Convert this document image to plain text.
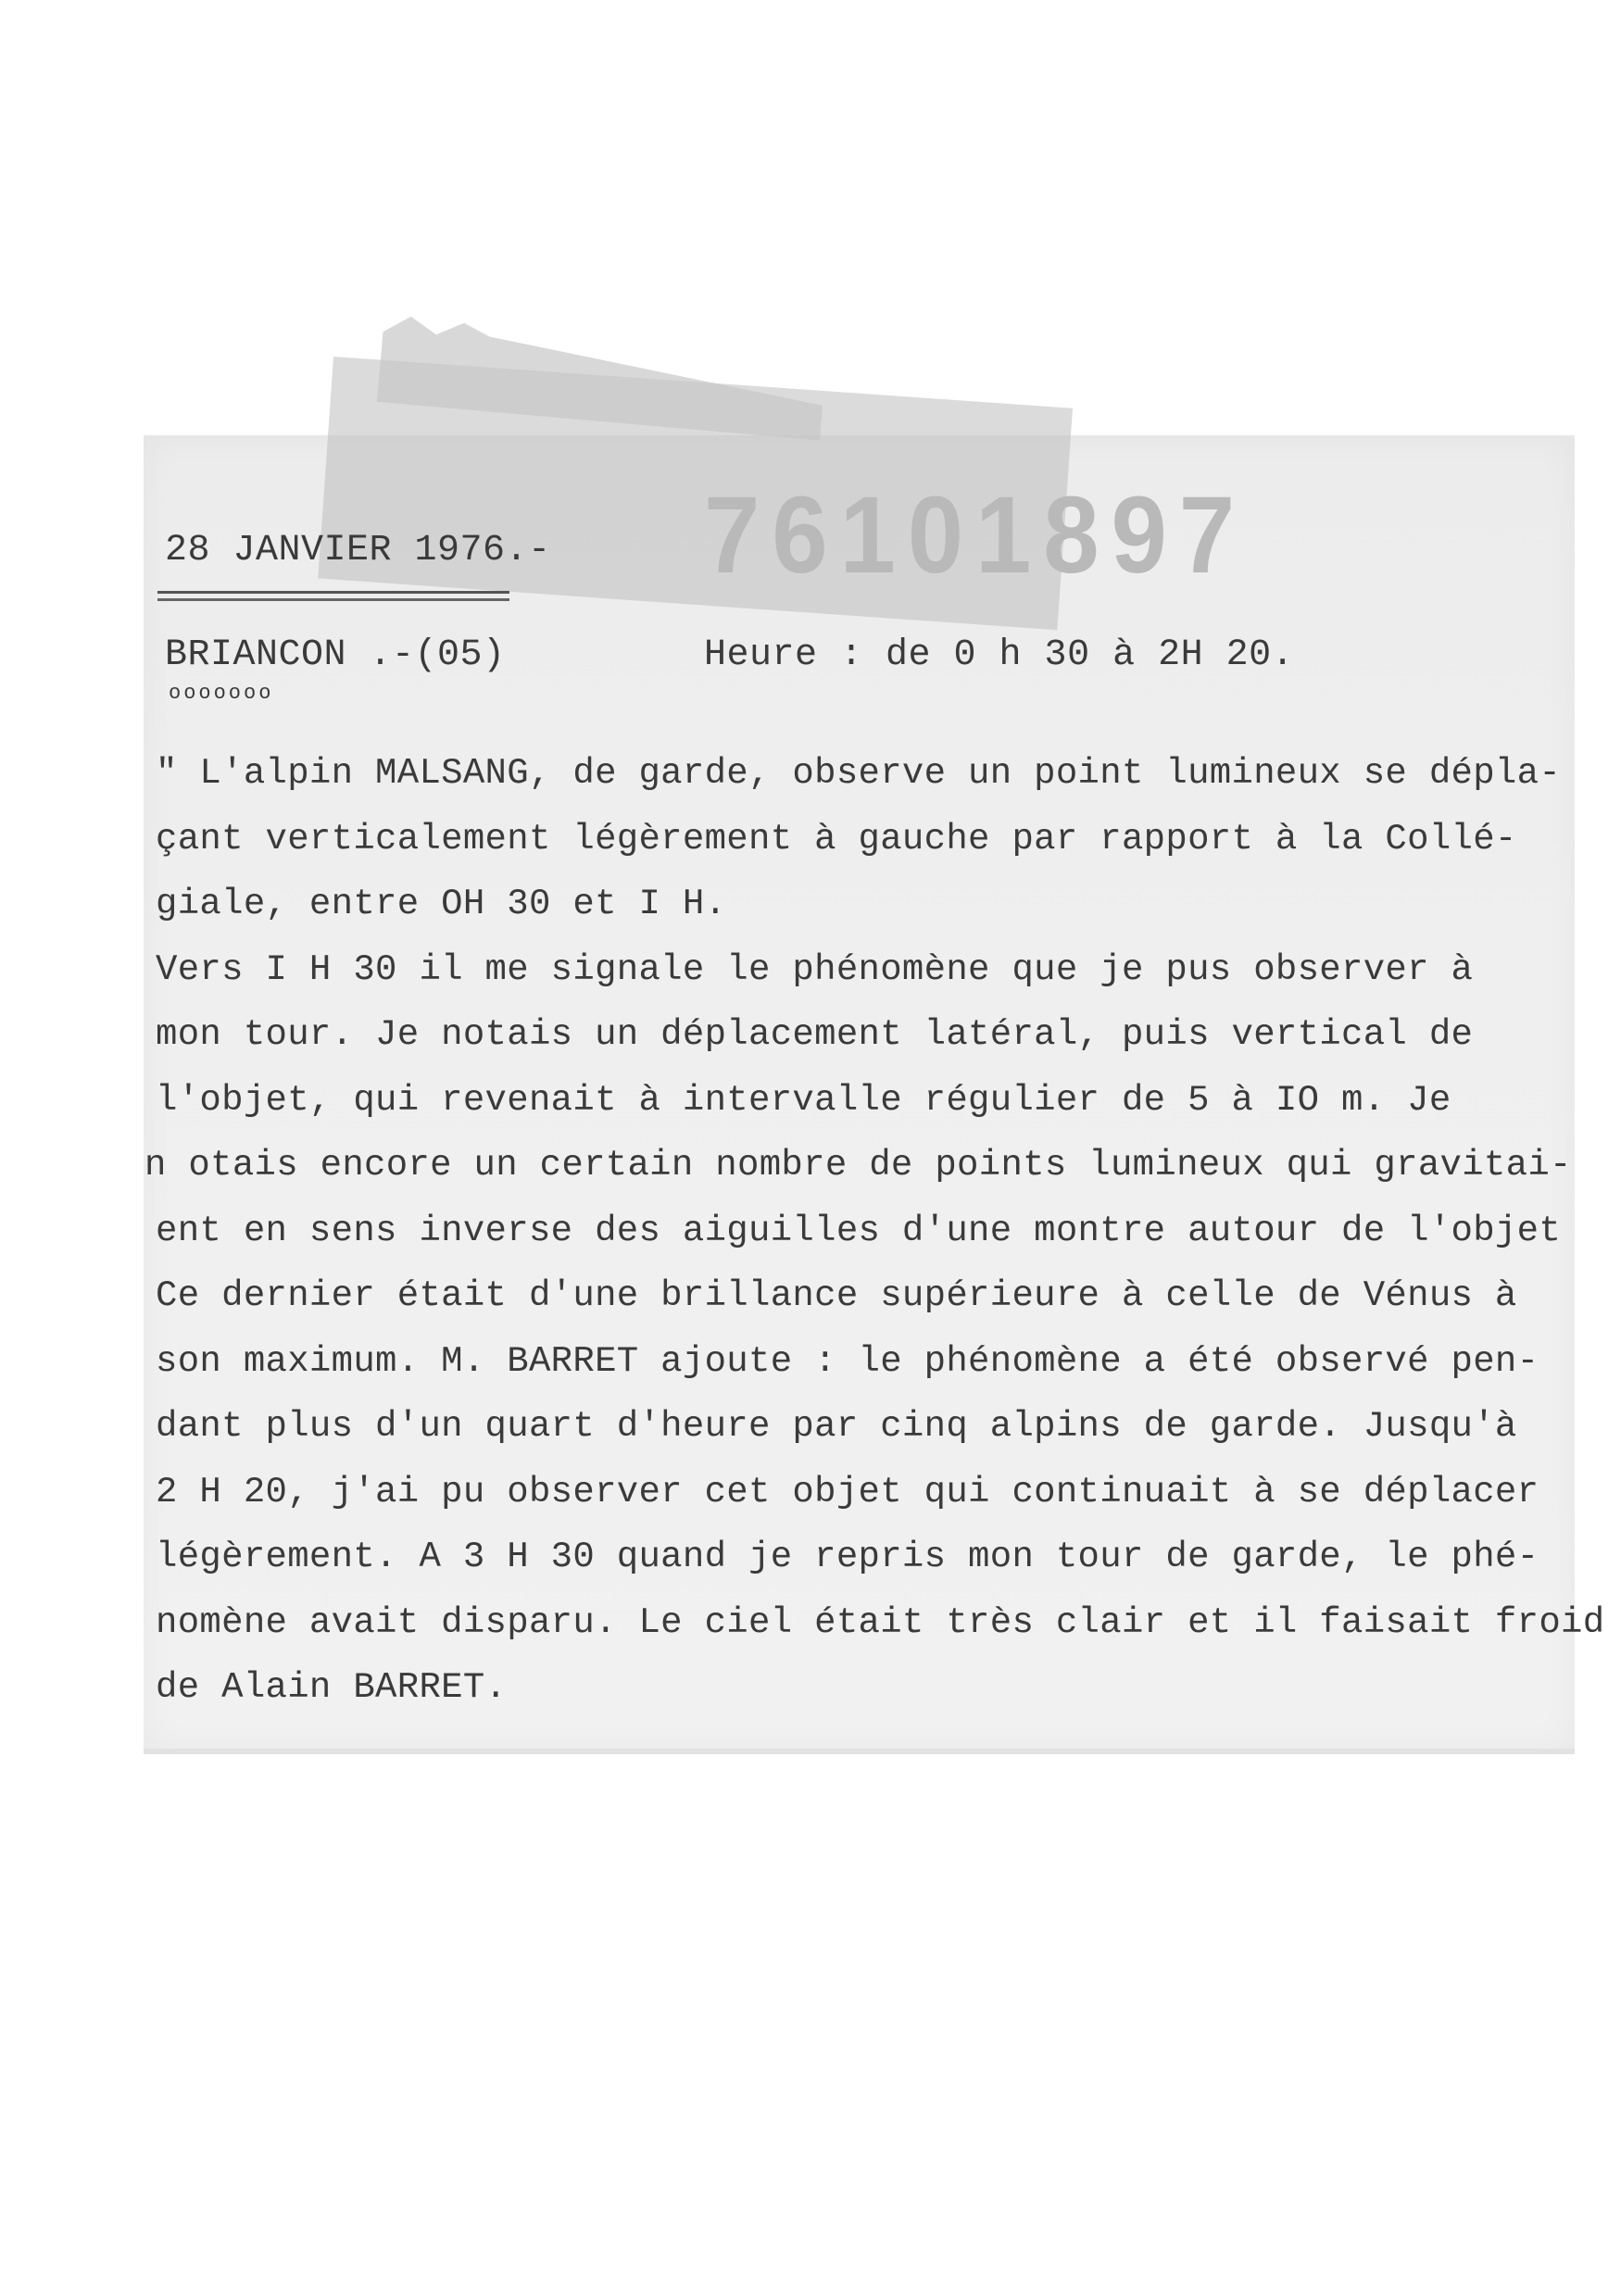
76101897
28 JANVIER 1976.-
BRIANCON .-(05)
ooooooo
Heure : de 0 h 30 à 2H 20.
" L'alpin MALSANG, de garde, observe un point lumineux se dépla-
çant verticalement légèrement à gauche par rapport à la Collé-
giale, entre OH 30 et I H.
Vers I H 30 il me signale le phénomène que je pus observer à
mon tour. Je notais un déplacement latéral, puis vertical de
l'objet, qui revenait à intervalle régulier de 5 à IO m. Je
n otais encore un certain nombre de points lumineux qui gravitai-
ent en sens inverse des aiguilles d'une montre autour de l'objet
Ce dernier était d'une brillance supérieure à celle de Vénus à
son maximum. M. BARRET ajoute : le phénomène a été observé pen-
dant plus d'un quart d'heure par cinq alpins de garde. Jusqu'à
2 H 20, j'ai pu observer cet objet qui continuait à se déplacer
légèrement. A 3 H 30 quand je repris mon tour de garde, le phé-
nomène avait disparu. Le ciel était très clair et il faisait froid
de Alain BARRET.
